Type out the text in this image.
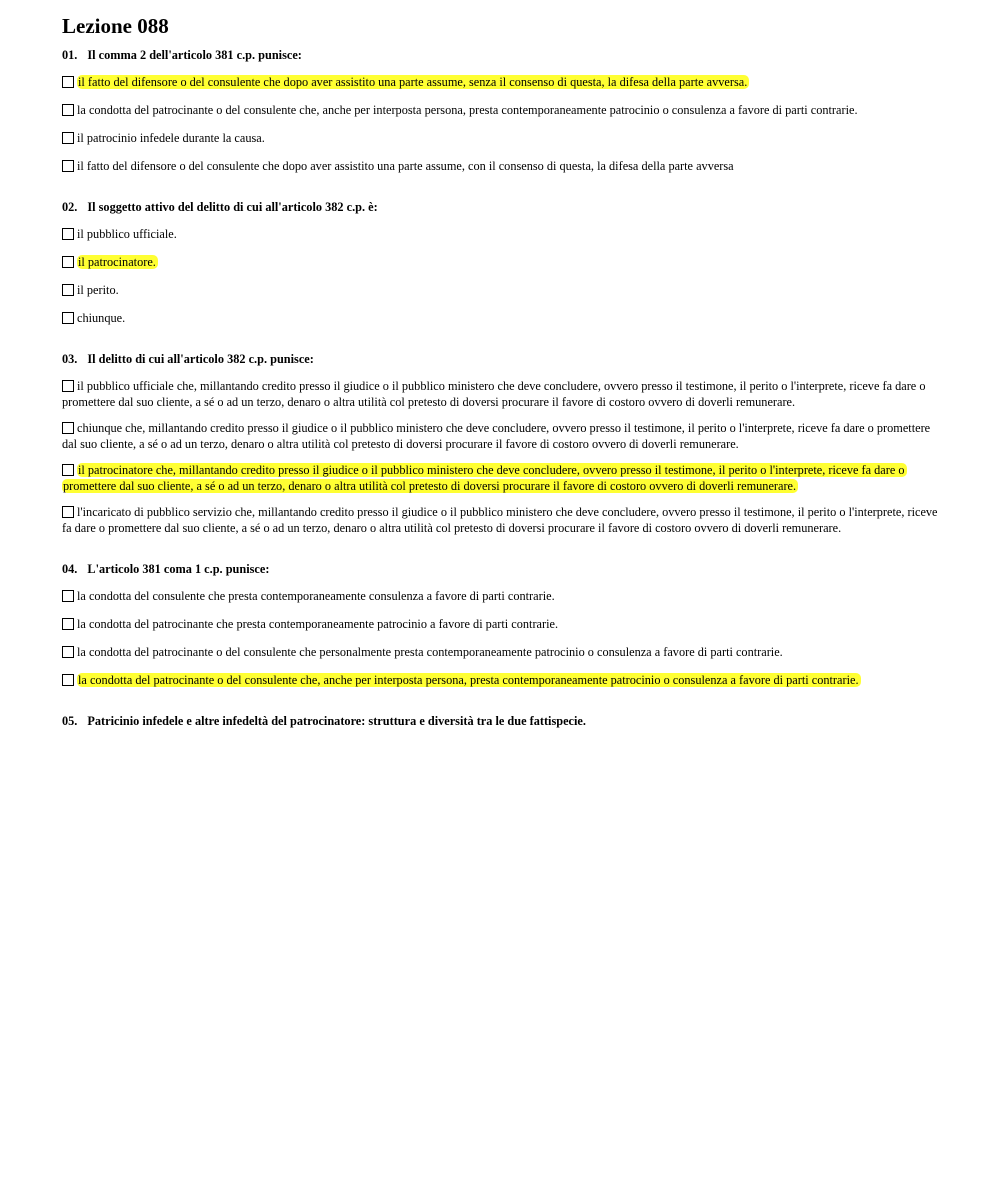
Lezione 088
01. Il comma 2 dell'articolo 381 c.p. punisce:
il fatto del difensore o del consulente che dopo aver assistito una parte assume, senza il consenso di questa, la difesa della parte avversa.
la condotta del patrocinante o del consulente che, anche per interposta persona, presta contemporaneamente patrocinio o consulenza a favore di parti contrarie.
il patrocinio infedele durante la causa.
il fatto del difensore o del consulente che dopo aver assistito una parte assume, con il consenso di questa, la difesa della parte avversa
02. Il soggetto attivo del delitto di cui all'articolo 382 c.p. è:
il pubblico ufficiale.
il patrocinatore.
il perito.
chiunque.
03. Il delitto di cui all'articolo 382 c.p. punisce:
il pubblico ufficiale che, millantando credito presso il giudice o il pubblico ministero che deve concludere, ovvero presso il testimone, il perito o l'interprete, riceve fa dare o promettere dal suo cliente, a sé o ad un terzo, denaro o altra utilità col pretesto di doversi procurare il favore di costoro ovvero di doverli remunerare.
chiunque che, millantando credito presso il giudice o il pubblico ministero che deve concludere, ovvero presso il testimone, il perito o l'interprete, riceve fa dare o promettere dal suo cliente, a sé o ad un terzo, denaro o altra utilità col pretesto di doversi procurare il favore di costoro ovvero di doverli remunerare.
il patrocinatore che, millantando credito presso il giudice o il pubblico ministero che deve concludere, ovvero presso il testimone, il perito o l'interprete, riceve fa dare o promettere dal suo cliente, a sé o ad un terzo, denaro o altra utilità col pretesto di doversi procurare il favore di costoro ovvero di doverli remunerare.
l'incaricato di pubblico servizio che, millantando credito presso il giudice o il pubblico ministero che deve concludere, ovvero presso il testimone, il perito o l'interprete, riceve fa dare o promettere dal suo cliente, a sé o ad un terzo, denaro o altra utilità col pretesto di doversi procurare il favore di costoro ovvero di doverli remunerare.
04. L'articolo 381 coma 1 c.p. punisce:
la condotta del consulente che presta contemporaneamente consulenza a favore di parti contrarie.
la condotta del patrocinante che presta contemporaneamente patrocinio a favore di parti contrarie.
la condotta del patrocinante o del consulente che personalmente presta contemporaneamente patrocinio o consulenza a favore di parti contrarie.
la condotta del patrocinante o del consulente che, anche per interposta persona, presta contemporaneamente patrocinio o consulenza a favore di parti contrarie.
05. Patricinio infedele e altre infedeltà del patrocinatore: struttura e diversità tra le due fattispecie.
